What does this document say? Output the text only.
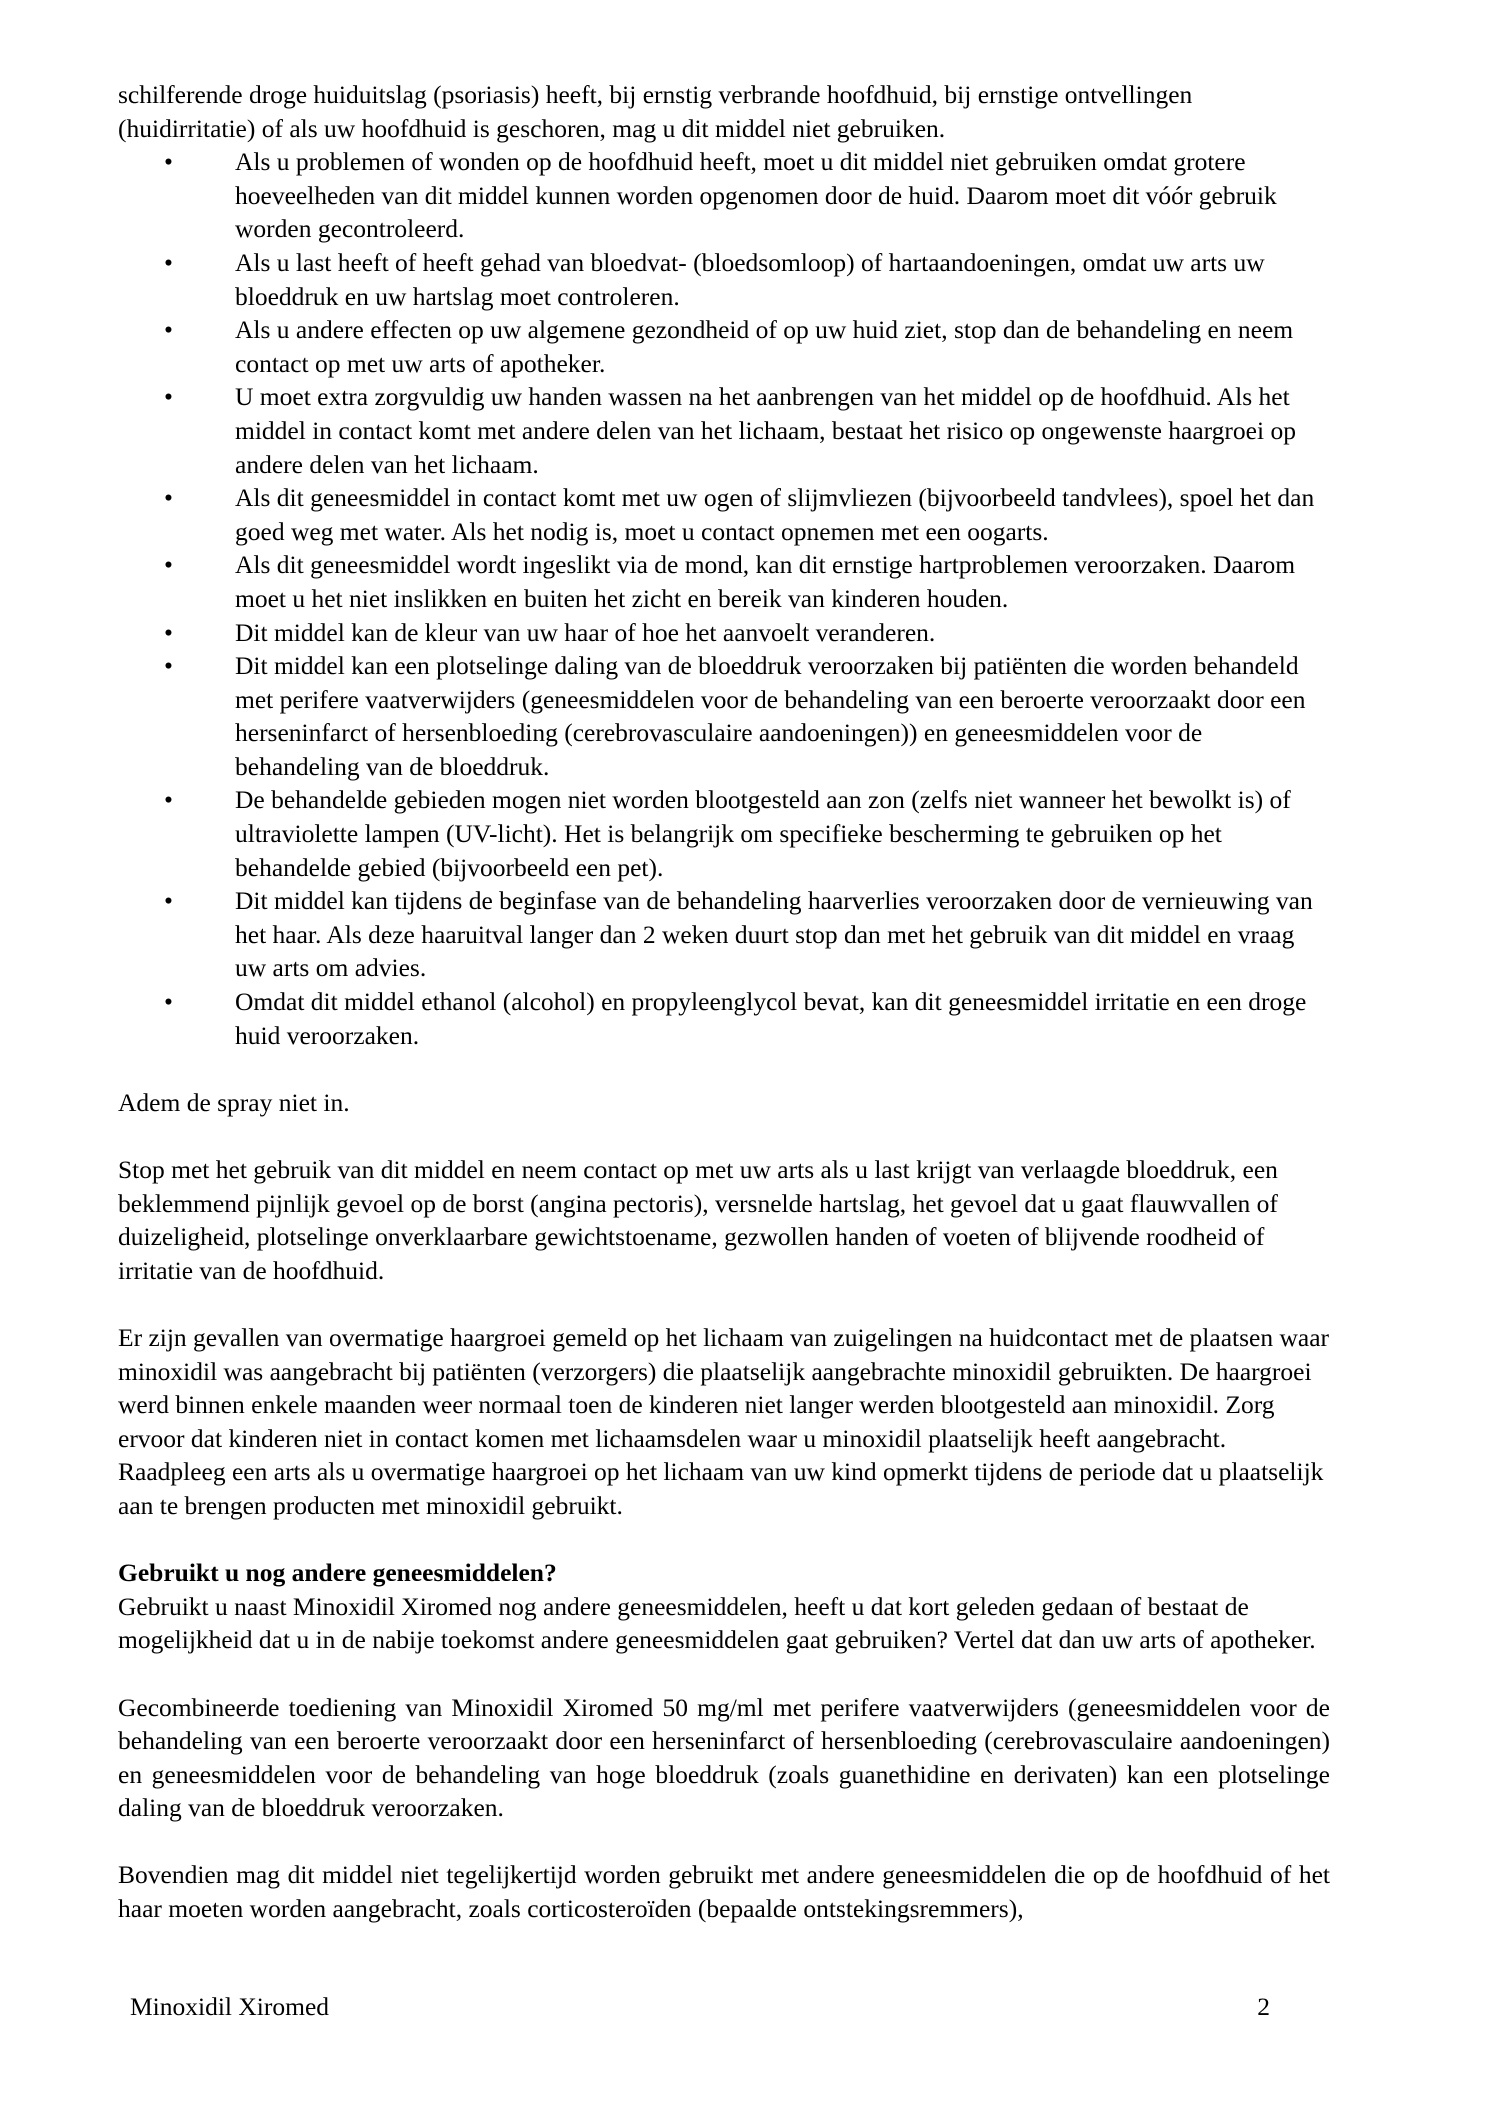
schilferende droge huiduitslag (psoriasis) heeft, bij ernstig verbrande hoofdhuid, bij ernstige ontvellingen (huidirritatie) of als uw hoofdhuid is geschoren, mag u dit middel niet gebruiken.

• Als u problemen of wonden op de hoofdhuid heeft, moet u dit middel niet gebruiken omdat grotere hoeveelheden van dit middel kunnen worden opgenomen door de huid. Daarom moet dit vóór gebruik worden gecontroleerd.
• Als u last heeft of heeft gehad van bloedvat- (bloedsomloop) of hartaandoeningen, omdat uw arts uw bloeddruk en uw hartslag moet controleren.
• Als u andere effecten op uw algemene gezondheid of op uw huid ziet, stop dan de behandeling en neem contact op met uw arts of apotheker.
• U moet extra zorgvuldig uw handen wassen na het aanbrengen van het middel op de hoofdhuid. Als het middel in contact komt met andere delen van het lichaam, bestaat het risico op ongewenste haargroei op andere delen van het lichaam.
• Als dit geneesmiddel in contact komt met uw ogen of slijmvliezen (bijvoorbeeld tandvlees), spoel het dan goed weg met water. Als het nodig is, moet u contact opnemen met een oogarts.
• Als dit geneesmiddel wordt ingeslikt via de mond, kan dit ernstige hartproblemen veroorzaken. Daarom moet u het niet inslikken en buiten het zicht en bereik van kinderen houden.
• Dit middel kan de kleur van uw haar of hoe het aanvoelt veranderen.
• Dit middel kan een plotselinge daling van de bloeddruk veroorzaken bij patiënten die worden behandeld met perifere vaatverwijders (geneesmiddelen voor de behandeling van een beroerte veroorzaakt door een herseninfarct of hersenbloeding (cerebrovasculaire aandoeningen)) en geneesmiddelen voor de behandeling van de bloeddruk.
• De behandelde gebieden mogen niet worden blootgesteld aan zon (zelfs niet wanneer het bewolkt is) of ultraviolette lampen (UV-licht). Het is belangrijk om specifieke bescherming te gebruiken op het behandelde gebied (bijvoorbeeld een pet).
• Dit middel kan tijdens de beginfase van de behandeling haarverlies veroorzaken door de vernieuwing van het haar. Als deze haaruitval langer dan 2 weken duurt stop dan met het gebruik van dit middel en vraag uw arts om advies.
• Omdat dit middel ethanol (alcohol) en propyleenglycol bevat, kan dit geneesmiddel irritatie en een droge huid veroorzaken.

Adem de spray niet in.

Stop met het gebruik van dit middel en neem contact op met uw arts als u last krijgt van verlaagde bloeddruk, een beklemmend pijnlijk gevoel op de borst (angina pectoris), versnelde hartslag, het gevoel dat u gaat flauwvallen of duizeligheid, plotselinge onverklaarbare gewichtstoename, gezwollen handen of voeten of blijvende roodheid of irritatie van de hoofdhuid.

Er zijn gevallen van overmatige haargroei gemeld op het lichaam van zuigelingen na huidcontact met de plaatsen waar minoxidil was aangebracht bij patiënten (verzorgers) die plaatselijk aangebrachte minoxidil gebruikten. De haargroei werd binnen enkele maanden weer normaal toen de kinderen niet langer werden blootgesteld aan minoxidil. Zorg ervoor dat kinderen niet in contact komen met lichaamsdelen waar u minoxidil plaatselijk heeft aangebracht.

Raadpleeg een arts als u overmatige haargroei op het lichaam van uw kind opmerkt tijdens de periode dat u plaatselijk aan te brengen producten met minoxidil gebruikt.

Gebruikt u nog andere geneesmiddelen?

Gebruikt u naast Minoxidil Xiromed nog andere geneesmiddelen, heeft u dat kort geleden gedaan of bestaat de mogelijkheid dat u in de nabije toekomst andere geneesmiddelen gaat gebruiken? Vertel dat dan uw arts of apotheker.

Gecombineerde toediening van Minoxidil Xiromed 50 mg/ml met perifere vaatverwijders (geneesmiddelen voor de behandeling van een beroerte veroorzaakt door een herseninfarct of hersenbloeding (cerebrovasculaire aandoeningen) en geneesmiddelen voor de behandeling van hoge bloeddruk (zoals guanethidine en derivaten) kan een plotselinge daling van de bloeddruk veroorzaken.

Bovendien mag dit middel niet tegelijkertijd worden gebruikt met andere geneesmiddelen die op de hoofdhuid of het haar moeten worden aangebracht, zoals corticosteroïden (bepaalde ontstekingsremmers),

Minoxidil Xiromed	2
